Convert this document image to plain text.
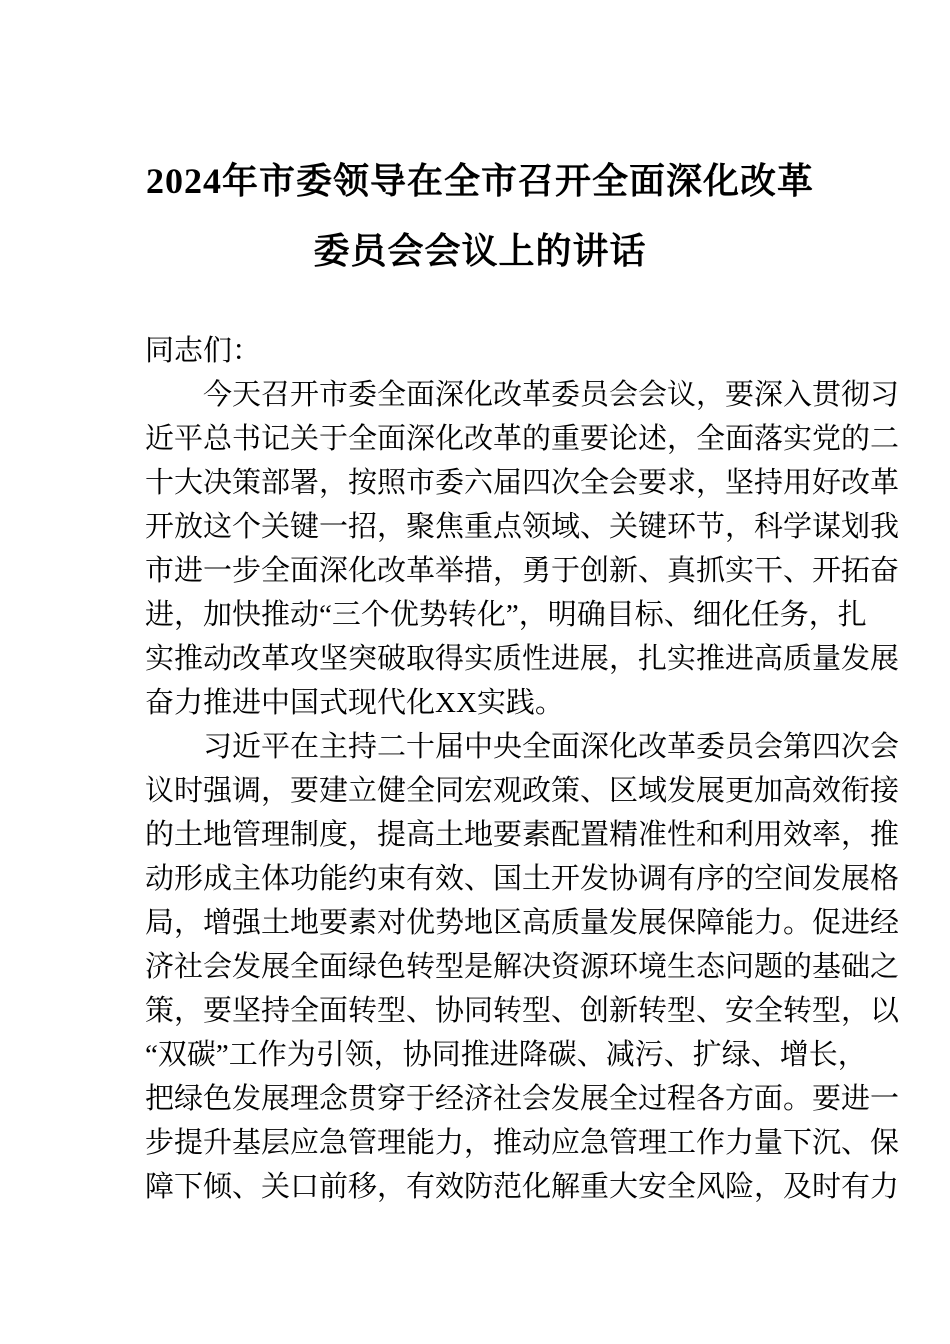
2024年市委领导在全市召开全面深化改革
委员会会议上的讲话
同志们：
今天召开市委全面深化改革委员会会议，要深入贯彻习
近平总书记关于全面深化改革的重要论述，全面落实党的二
十大决策部署，按照市委六届四次全会要求，坚持用好改革
开放这个关键一招，聚焦重点领域、关键环节，科学谋划我
市进一步全面深化改革举措，勇于创新、真抓实干、开拓奋
进，加快推动“三个优势转化”，明确目标、细化任务，扎
实推动改革攻坚突破取得实质性进展，扎实推进高质量发展
奋力推进中国式现代化XX实践。
习近平在主持二十届中央全面深化改革委员会第四次会
议时强调，要建立健全同宏观政策、区域发展更加高效衔接
的土地管理制度，提高土地要素配置精准性和利用效率，推
动形成主体功能约束有效、国土开发协调有序的空间发展格
局，增强土地要素对优势地区高质量发展保障能力。促进经
济社会发展全面绿色转型是解决资源环境生态问题的基础之
策，要坚持全面转型、协同转型、创新转型、安全转型，以
“双碳”工作为引领，协同推进降碳、减污、扩绿、增长，
把绿色发展理念贯穿于经济社会发展全过程各方面。要进一
步提升基层应急管理能力，推动应急管理工作力量下沉、保
障下倾、关口前移，有效防范化解重大安全风险，及时有力
